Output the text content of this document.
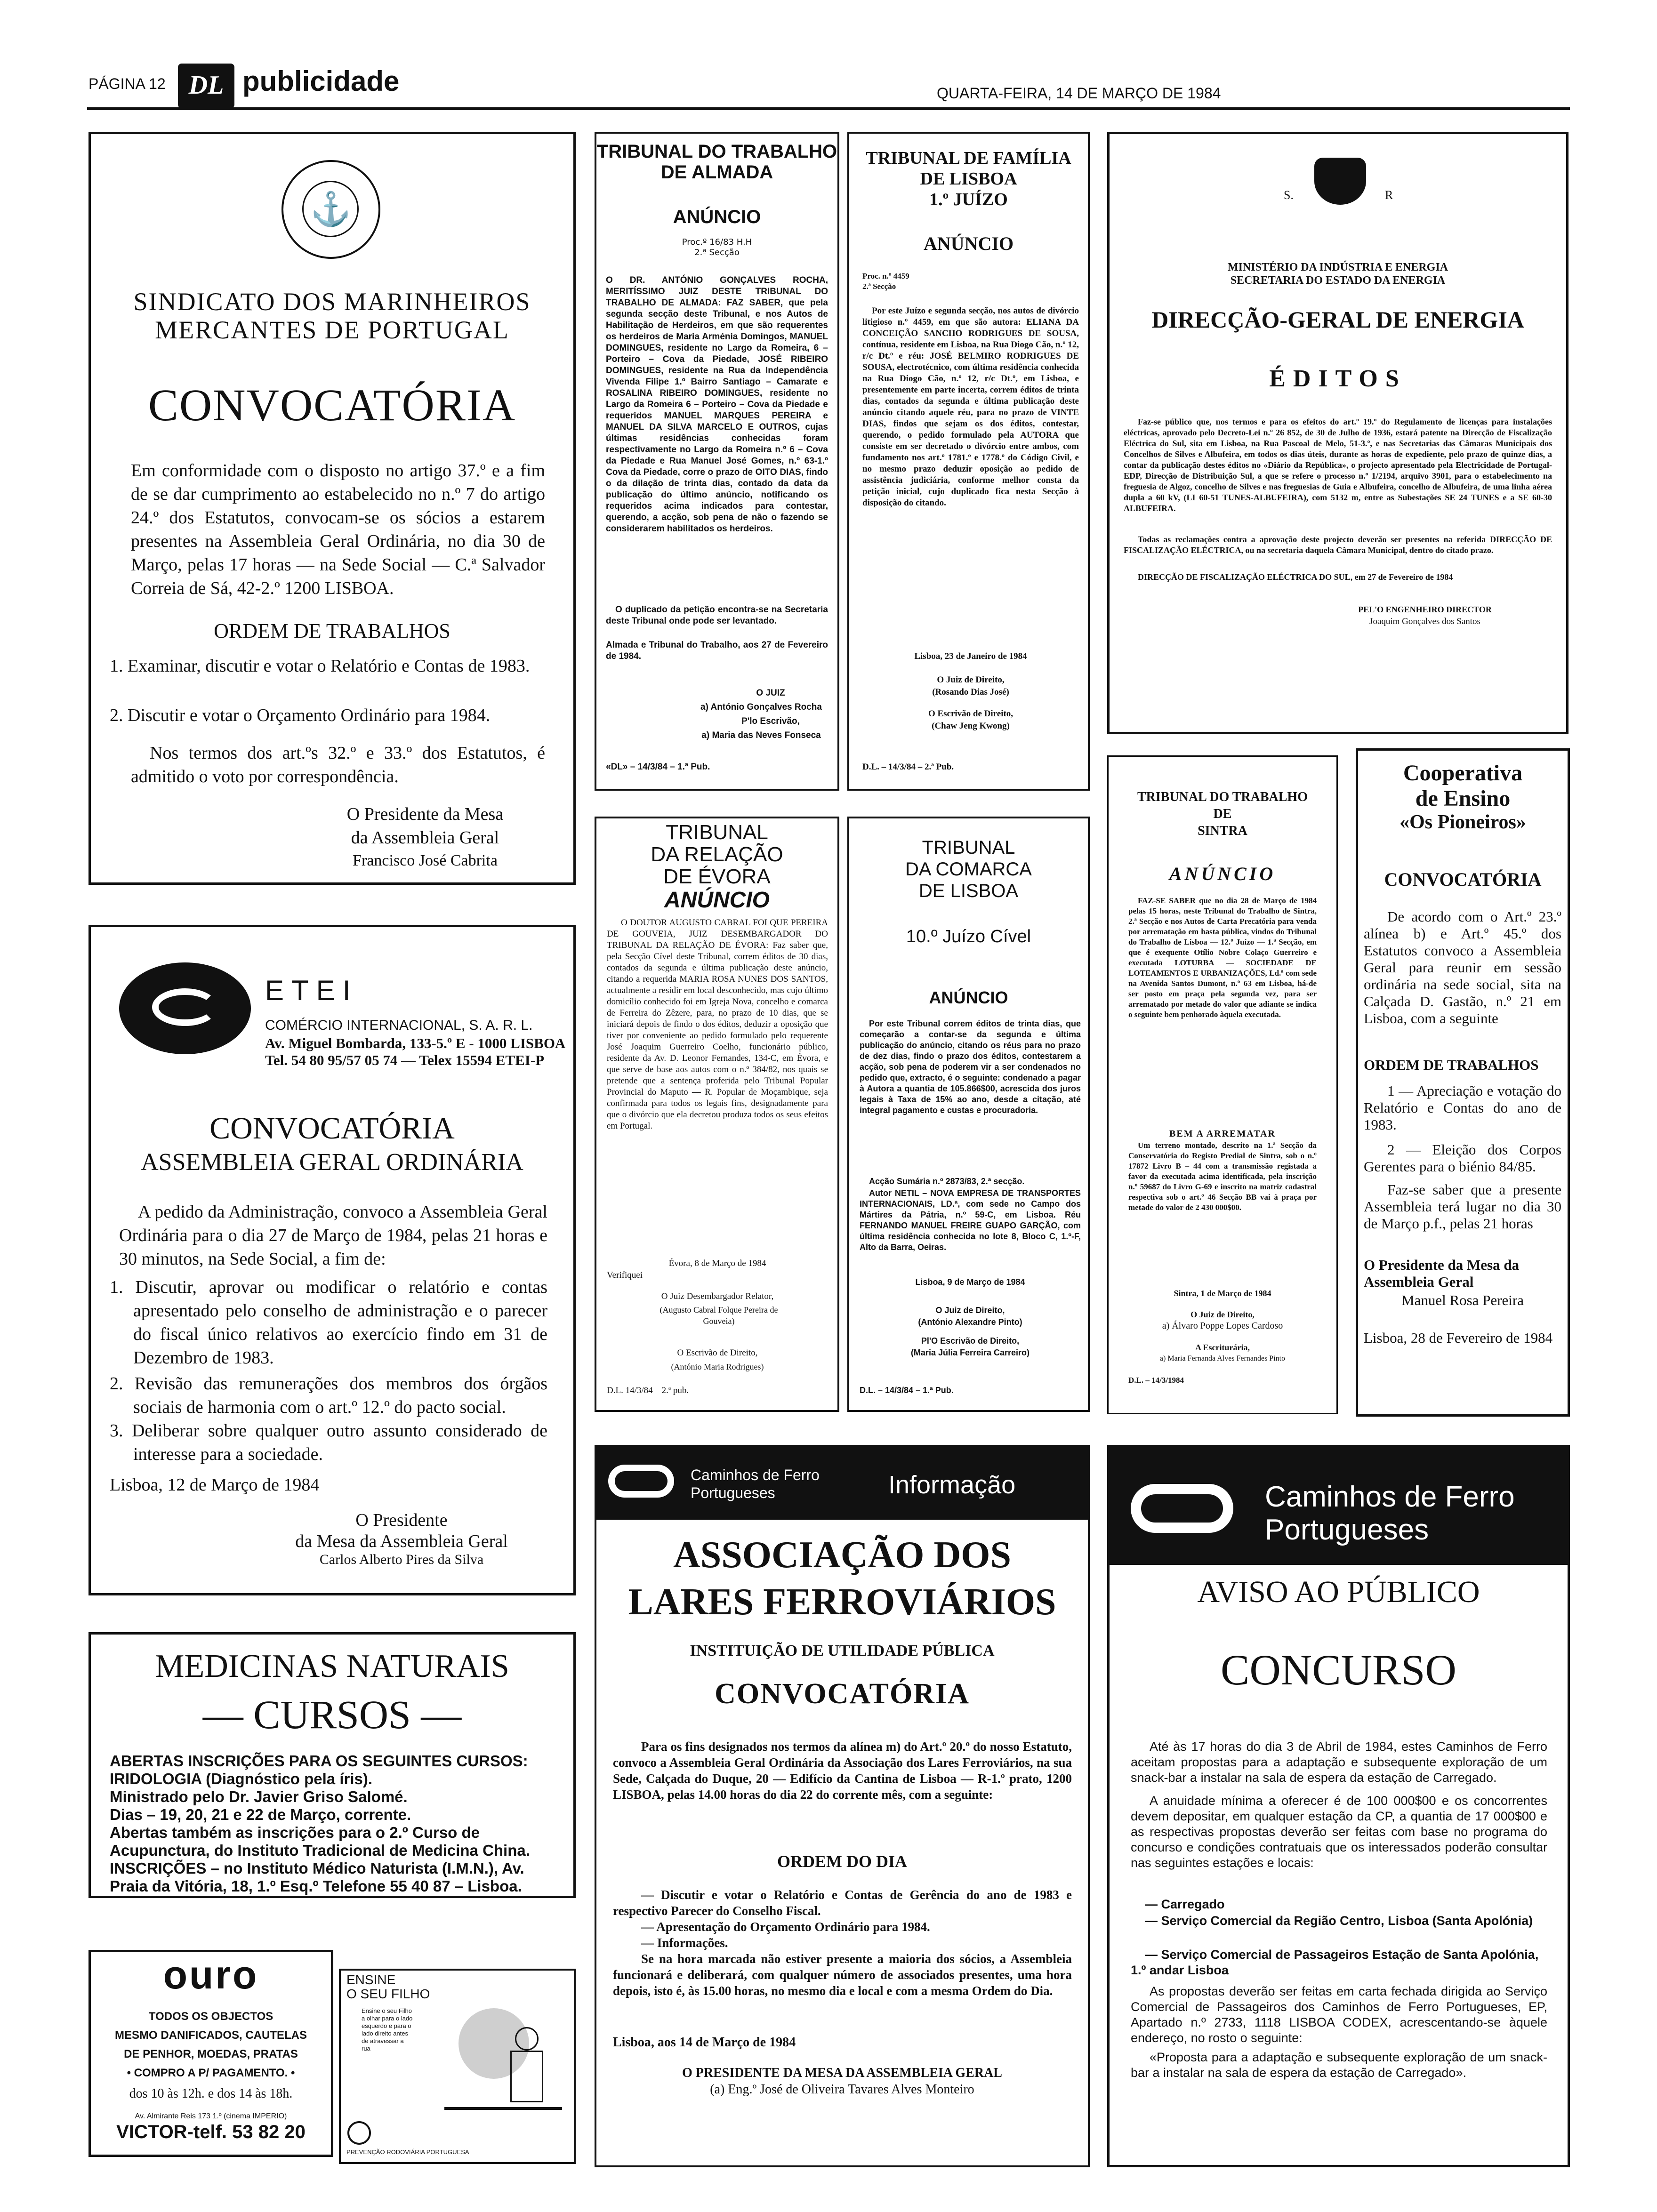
PÁGINA 12 DL publicidade	QUARTA-FEIRA, 14 DE MARÇO DE 1984
⚓
SINDICATO DOS MARINHEIROS
MERCANTES DE PORTUGAL
CONVOCATÓRIA
Em conformidade com o disposto no artigo 37.º e a fim de se dar cumprimento ao estabelecido no n.º 7 do artigo 24.º dos Estatutos, convocam-se os sócios a estarem presentes na Assembleia Geral Ordinária, no dia 30 de Março, pelas 17 horas — na Sede Social — C.ª Salvador Correia de Sá, 42-2.º 1200 LISBOA.
ORDEM DE TRABALHOS
1. Examinar, discutir e votar o Relatório e Contas de 1983.
2. Discutir e votar o Orçamento Ordinário para 1984.
Nos termos dos art.ºs 32.º e 33.º dos Estatutos, é admitido o voto por correspondência.
O Presidente da Mesa
da Assembleia Geral
Francisco José Cabrita
ETEI
COMÉRCIO INTERNACIONAL, S. A. R. L.
Av. Miguel Bombarda, 133-5.º E - 1000 LISBOA
Tel. 54 80 95/57 05 74 — Telex 15594 ETEI-P
CONVOCATÓRIA
ASSEMBLEIA GERAL ORDINÁRIA
A pedido da Administração, convoco a Assembleia Geral Ordinária para o dia 27 de Março de 1984, pelas 21 horas e 30 minutos, na Sede Social, a fim de:
1. Discutir, aprovar ou modificar o relatório e contas apresentado pelo conselho de administração e o parecer do fiscal único relativos ao exercício findo em 31 de Dezembro de 1983.
2. Revisão das remunerações dos membros dos órgãos sociais de harmonia com o art.º 12.º do pacto social.
3. Deliberar sobre qualquer outro assunto considerado de interesse para a sociedade.
Lisboa, 12 de Março de 1984
O Presidente
da Mesa da Assembleia Geral
Carlos Alberto Pires da Silva
MEDICINAS NATURAIS
— CURSOS —
ABERTAS INSCRIÇÕES PARA OS SEGUINTES CURSOS:
IRIDOLOGIA (Diagnóstico pela íris).
Ministrado pelo Dr. Javier Griso Salomé.
Dias – 19, 20, 21 e 22 de Março, corrente.
Abertas também as inscrições para o 2.º Curso de Acupunctura, do Instituto Tradicional de Medicina China.
INSCRIÇÕES – no Instituto Médico Naturista (I.M.N.), Av. Praia da Vitória, 18, 1.º Esq.º Telefone 55 40 87 – Lisboa.
ouro
TODOS OS OBJECTOS
MESMO DANIFICADOS, CAUTELAS
DE PENHOR, MOEDAS, PRATAS
• COMPRO A P/ PAGAMENTO. •
dos 10 às 12h. e dos 14 às 18h.
Av. Almirante Reis 173 1.º (cinema IMPERIO)
VICTOR-telf. 53 82 20
ENSINE
O SEU FILHO
Ensine o seu Filho a olhar para o lado esquerdo e para o lado direito antes de atravessar a rua
PREVENÇÃO RODOVIÁRIA PORTUGUESA
TRIBUNAL DO TRABALHO
DE ALMADA
ANÚNCIO
Proc.º 16/83 H.H
2.ª Secção
O DR. ANTÓNIO GONÇALVES ROCHA, MERITÍSSIMO JUIZ DESTE TRIBUNAL DO TRABALHO DE ALMADA: FAZ SABER, que pela segunda secção deste Tribunal, e nos Autos de Habilitação de Herdeiros, em que são requerentes os herdeiros de Maria Arménia Domingos, MANUEL DOMINGUES, residente no Largo da Romeira, 6 – Porteiro – Cova da Piedade, JOSÉ RIBEIRO DOMINGUES, residente na Rua da Independência Vivenda Filipe 1.º Bairro Santiago – Camarate e ROSALINA RIBEIRO DOMINGUES, residente no Largo da Romeira 6 – Porteiro – Cova da Piedade e requeridos MANUEL MARQUES PEREIRA e MANUEL DA SILVA MARCELO E OUTROS, cujas últimas residências conhecidas foram respectivamente no Largo da Romeira n.º 6 – Cova da Piedade e Rua Manuel José Gomes, n.º 63-1.º Cova da Piedade, corre o prazo de OITO DIAS, findo o da dilação de trinta dias, contado da data da publicação do último anúncio, notificando os requeridos acima indicados para contestar, querendo, a acção, sob pena de não o fazendo se considerarem habilitados os herdeiros.
O duplicado da petição encontra-se na Secretaria deste Tribunal onde pode ser levantado.
Almada e Tribunal do Trabalho, aos 27 de Fevereiro de 1984.
O JUIZ
a) António Gonçalves Rocha
P'lo Escrivão,
a) Maria das Neves Fonseca
«DL» – 14/3/84 – 1.ª Pub.
TRIBUNAL
DA RELAÇÃO
DE ÉVORA
ANÚNCIO
O DOUTOR AUGUSTO CABRAL FOLQUE PEREIRA DE GOUVEIA, JUIZ DESEMBARGADOR DO TRIBUNAL DA RELAÇÃO DE ÉVORA: Faz saber que, pela Secção Cível deste Tribunal, correm éditos de 30 dias, contados da segunda e última publicação deste anúncio, citando a requerida MARIA ROSA NUNES DOS SANTOS, actualmente a residir em local desconhecido, mas cujo último domicílio conhecido foi em Igreja Nova, concelho e comarca de Ferreira do Zêzere, para, no prazo de 10 dias, que se iniciará depois de findo o dos éditos, deduzir a oposição que tiver por conveniente ao pedido formulado pelo requerente José Joaquim Guerreiro Coelho, funcionário público, residente da Av. D. Leonor Fernandes, 134-C, em Évora, e que serve de base aos autos com o n.º 384/82, nos quais se pretende que a sentença proferida pelo Tribunal Popular Provincial do Maputo — R. Popular de Moçambique, seja confirmada para todos os legais fins, designadamente para que o divórcio que ela decretou produza todos os seus efeitos em Portugal.
Évora, 8 de Março de 1984
Verifiquei
O Juiz Desembargador Relator,
(Augusto Cabral Folque Pereira de Gouveia)
O Escrivão de Direito,
(António Maria Rodrigues)
D.L. 14/3/84 – 2.ª pub.
TRIBUNAL DE FAMÍLIA
DE LISBOA
1.º JUÍZO
ANÚNCIO
Proc. n.º 4459
2.ª Secção
Por este Juízo e segunda secção, nos autos de divórcio litigioso n.º 4459, em que são autora: ELIANA DA CONCEIÇÃO SANCHO RODRIGUES DE SOUSA, contínua, residente em Lisboa, na Rua Diogo Cão, n.º 12, r/c Dt.º e réu: JOSÉ BELMIRO RODRIGUES DE SOUSA, electrotécnico, com última residência conhecida na Rua Diogo Cão, n.º 12, r/c Dt.º, em Lisboa, e presentemente em parte incerta, correm éditos de trinta dias, contados da segunda e última publicação deste anúncio citando aquele réu, para no prazo de VINTE DIAS, findos que sejam os dos éditos, contestar, querendo, o pedido formulado pela AUTORA que consiste em ser decretado o divórcio entre ambos, com fundamento nos art.º 1781.º e 1778.º do Código Civil, e no mesmo prazo deduzir oposição ao pedido de assistência judiciária, conforme melhor consta da petição inicial, cujo duplicado fica nesta Secção à disposição do citando.
Lisboa, 23 de Janeiro de 1984
O Juiz de Direito,
(Rosando Dias José)
O Escrivão de Direito,
(Chaw Jeng Kwong)
D.L. – 14/3/84 – 2.ª Pub.
TRIBUNAL
DA COMARCA
DE LISBOA
10.º Juízo Cível
ANÚNCIO
Por este Tribunal correm éditos de trinta dias, que começarão a contar-se da segunda e última publicação do anúncio, citando os réus para no prazo de dez dias, findo o prazo dos éditos, contestarem a acção, sob pena de poderem vir a ser condenados no pedido que, extracto, é o seguinte: condenado a pagar à Autora a quantia de 105.866$00, acrescida dos juros legais à Taxa de 15% ao ano, desde a citação, até integral pagamento e custas e procuradoria.
Acção Sumária n.º 2873/83, 2.ª secção.
Autor NETIL – NOVA EMPRESA DE TRANSPORTES INTERNACIONAIS, LD.ª, com sede no Campo dos Mártires da Pátria, n.º 59-C, em Lisboa. Réu FERNANDO MANUEL FREIRE GUAPO GARÇÃO, com última residência conhecida no lote 8, Bloco C, 1.º-F, Alto da Barra, Oeiras.
Lisboa, 9 de Março de 1984
O Juiz de Direito,
(António Alexandre Pinto)
Pl'O Escrivão de Direito,
(Maria Júlia Ferreira Carreiro)
D.L. – 14/3/84 – 1.ª Pub.
S.	R
MINISTÉRIO DA INDÚSTRIA E ENERGIA
SECRETARIA DO ESTADO DA ENERGIA
DIRECÇÃO-GERAL DE ENERGIA
ÉDITOS
Faz-se público que, nos termos e para os efeitos do art.º 19.º do Regulamento de licenças para instalações eléctricas, aprovado pelo Decreto-Lei n.º 26 852, de 30 de Julho de 1936, estará patente na Direcção de Fiscalização Eléctrica do Sul, sita em Lisboa, na Rua Pascoal de Melo, 51-3.º, e nas Secretarias das Câmaras Municipais dos Concelhos de Silves e Albufeira, em todos os dias úteis, durante as horas de expediente, pelo prazo de quinze dias, a contar da publicação destes éditos no «Diário da República», o projecto apresentado pela Electricidade de Portugal-EDP, Direcção de Distribuição Sul, a que se refere o processo n.º 1/2194, arquivo 3901, para o estabelecimento na freguesia de Algoz, concelho de Silves e nas freguesias de Guia e Albufeira, concelho de Albufeira, de uma linha aérea dupla a 60 kV, (LI 60-51 TUNES-ALBUFEIRA), com 5132 m, entre as Subestações SE 24 TUNES e a SE 60-30 ALBUFEIRA.
Todas as reclamações contra a aprovação deste projecto deverão ser presentes na referida DIRECÇÃO DE FISCALIZAÇÃO ELÉCTRICA, ou na secretaria daquela Câmara Municipal, dentro do citado prazo.
DIRECÇÃO DE FISCALIZAÇÃO ELÉCTRICA DO SUL, em 27 de Fevereiro de 1984
PEL'O ENGENHEIRO DIRECTOR
Joaquim Gonçalves dos Santos
TRIBUNAL DO TRABALHO
DE
SINTRA
ANÚNCIO
FAZ-SE SABER que no dia 28 de Março de 1984 pelas 15 horas, neste Tribunal do Trabalho de Sintra, 2.ª Secção e nos Autos de Carta Precatória para venda por arrematação em hasta pública, vindos do Tribunal do Trabalho de Lisboa — 12.º Juízo — 1.ª Secção, em que é exequente Otílio Nobre Colaço Guerreiro e executada LOTURBA — SOCIEDADE DE LOTEAMENTOS E URBANIZAÇÕES, Ld.ª com sede na Avenida Santos Dumont, n.º 63 em Lisboa, há-de ser posto em praça pela segunda vez, para ser arrematado por metade do valor que adiante se indica o seguinte bem penhorado àquela executada.
BEM A ARREMATAR
Um terreno montado, descrito na 1.ª Secção da Conservatória do Registo Predial de Sintra, sob o n.º 17872 Livro B – 44 com a transmissão registada a favor da executada acima identificada, pela inscrição n.º 59687 do Livro G-69 e inscrito na matriz cadastral respectiva sob o art.º 46 Secção BB vai à praça por metade do valor de 2 430 000$00.
Sintra, 1 de Março de 1984
O Juiz de Direito,
a) Álvaro Poppe Lopes Cardoso
A Escriturária,
a) Maria Fernanda Alves Fernandes Pinto
D.L. – 14/3/1984
Cooperativa
de Ensino
«Os Pioneiros»
CONVOCATÓRIA
De acordo com o Art.º 23.º alínea b) e Art.º 45.º dos Estatutos convoco a Assembleia Geral para reunir em sessão ordinária na sede social, sita na Calçada D. Gastão, n.º 21 em Lisboa, com a seguinte
ORDEM DE TRABALHOS
1 — Apreciação e votação do Relatório e Contas do ano de 1983.
2 — Eleição dos Corpos Gerentes para o biénio 84/85.
Faz-se saber que a presente Assembleia terá lugar no dia 30 de Março p.f., pelas 21 horas
O Presidente da Mesa da Assembleia Geral
Manuel Rosa Pereira
Lisboa, 28 de Fevereiro de 1984
Caminhos de Ferro
Portugueses	Informação
ASSOCIAÇÃO DOS
LARES FERROVIÁRIOS
INSTITUIÇÃO DE UTILIDADE PÚBLICA
CONVOCATÓRIA
Para os fins designados nos termos da alínea m) do Art.º 20.º do nosso Estatuto, convoco a Assembleia Geral Ordinária da Associação dos Lares Ferroviários, na sua Sede, Calçada do Duque, 20 — Edifício da Cantina de Lisboa — R-1.º prato, 1200 LISBOA, pelas 14.00 horas do dia 22 do corrente mês, com a seguinte:
ORDEM DO DIA
— Discutir e votar o Relatório e Contas de Gerência do ano de 1983 e respectivo Parecer do Conselho Fiscal.
— Apresentação do Orçamento Ordinário para 1984.
— Informações.
Se na hora marcada não estiver presente a maioria dos sócios, a Assembleia funcionará e deliberará, com qualquer número de associados presentes, uma hora depois, isto é, às 15.00 horas, no mesmo dia e local e com a mesma Ordem do Dia.
Lisboa, aos 14 de Março de 1984
O PRESIDENTE DA MESA DA ASSEMBLEIA GERAL
(a) Eng.º José de Oliveira Tavares Alves Monteiro
Caminhos de Ferro
Portugueses
AVISO AO PÚBLICO
CONCURSO
Até às 17 horas do dia 3 de Abril de 1984, estes Caminhos de Ferro aceitam propostas para a adaptação e subsequente exploração de um snack-bar a instalar na sala de espera da estação de Carregado.
A anuidade mínima a oferecer é de 100 000$00 e os concorrentes devem depositar, em qualquer estação da CP, a quantia de 17 000$00 e as respectivas propostas deverão ser feitas com base no programa do concurso e condições contratuais que os interessados poderão consultar nas seguintes estações e locais:
— Carregado
— Serviço Comercial da Região Centro, Lisboa (Santa Apolónia)
— Serviço Comercial de Passageiros Estação de Santa Apolónia, 1.º andar Lisboa
As propostas deverão ser feitas em carta fechada dirigida ao Serviço Comercial de Passageiros dos Caminhos de Ferro Portugueses, EP, Apartado n.º 2733, 1118 LISBOA CODEX, acrescentando-se àquele endereço, no rosto o seguinte:
«Proposta para a adaptação e subsequente exploração de um snack-bar a instalar na sala de espera da estação de Carregado».
